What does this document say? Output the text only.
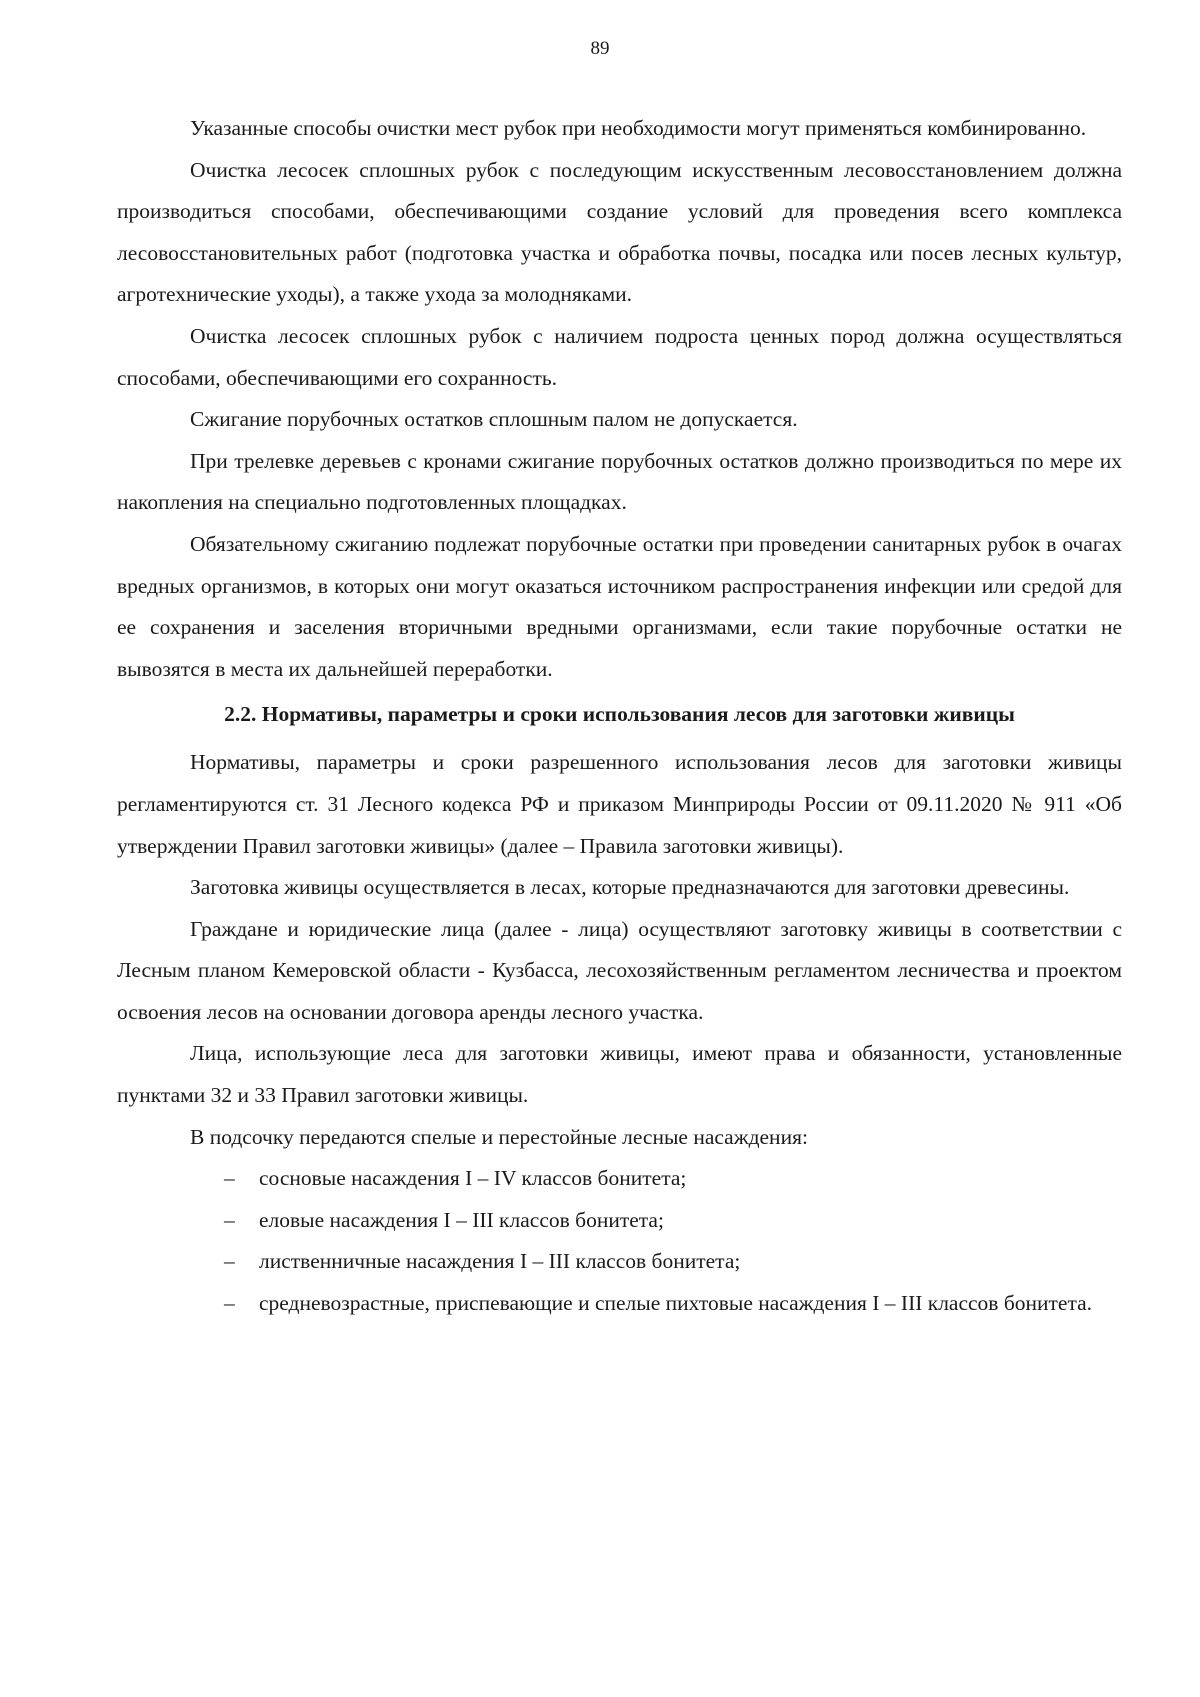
89

Указанные способы очистки мест рубок при необходимости могут применяться комбинированно.

Очистка лесосек сплошных рубок с последующим искусственным лесовосстановлением должна производиться способами, обеспечивающими создание условий для проведения всего комплекса лесовосстановительных работ (подготовка участка и обработка почвы, посадка или посев лесных культур, агротехнические уходы), а также ухода за молодняками.

Очистка лесосек сплошных рубок с наличием подроста ценных пород должна осуществляться способами, обеспечивающими его сохранность.

Сжигание порубочных остатков сплошным палом не допускается.

При трелевке деревьев с кронами сжигание порубочных остатков должно производиться по мере их накопления на специально подготовленных площадках.

Обязательному сжиганию подлежат порубочные остатки при проведении санитарных рубок в очагах вредных организмов, в которых они могут оказаться источником распространения инфекции или средой для ее сохранения и заселения вторичными вредными организмами, если такие порубочные остатки не вывозятся в места их дальнейшей переработки.

2.2. Нормативы, параметры и сроки использования лесов для заготовки живицы

Нормативы, параметры и сроки разрешенного использования лесов для заготовки живицы регламентируются ст. 31 Лесного кодекса РФ и приказом Минприроды России от 09.11.2020 № 911 «Об утверждении Правил заготовки живицы» (далее – Правила заготовки живицы).

Заготовка живицы осуществляется в лесах, которые предназначаются для заготовки древесины.

Граждане и юридические лица (далее - лица) осуществляют заготовку живицы в соответствии с Лесным планом Кемеровской области - Кузбасса, лесохозяйственным регламентом лесничества и проектом освоения лесов на основании договора аренды лесного участка.

Лица, использующие леса для заготовки живицы, имеют права и обязанности, установленные пунктами 32 и 33 Правил заготовки живицы.

В подсочку передаются спелые и перестойные лесные насаждения:

– сосновые насаждения I – IV классов бонитета;
– еловые насаждения I – III классов бонитета;
– лиственничные насаждения I – III классов бонитета;
– средневозрастные, приспевающие и спелые пихтовые насаждения I – III классов бонитета.
